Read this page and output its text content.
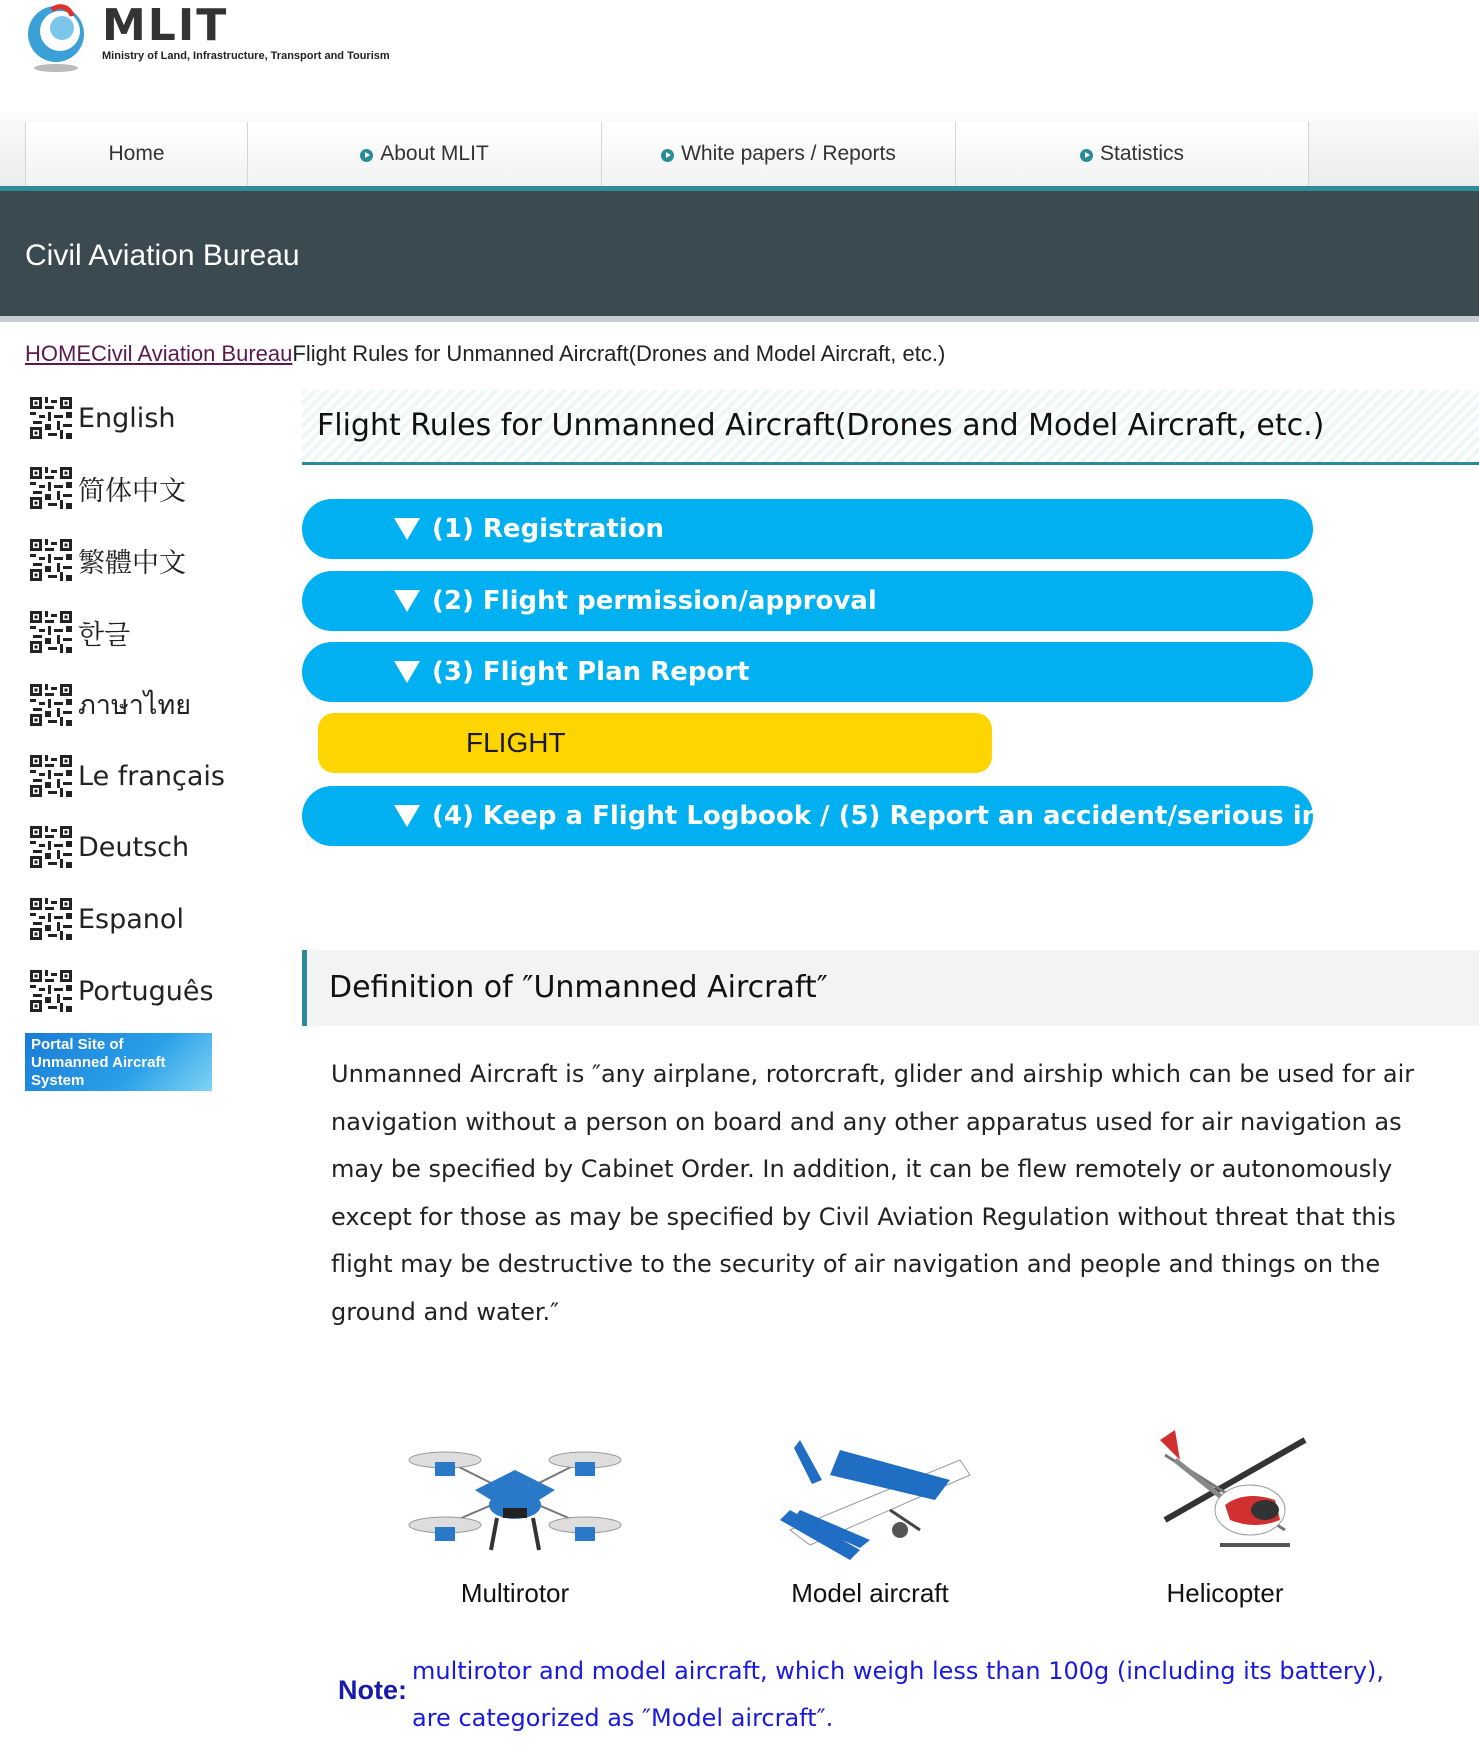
MLIT
Ministry of Land, Infrastructure, Transport and Tourism
Home	About MLIT	White papers / Reports	Statistics
Civil Aviation Bureau
HOMECivil Aviation BureauFlight Rules for Unmanned Aircraft(Drones and Model Aircraft, etc.)
English
简体中文
繁體中文
한글
ภาษาไทย
Le français
Deutsch
Espanol
Português
Portal Site of
Unmanned Aircraft
System
Flight Rules for Unmanned Aircraft(Drones and Model Aircraft, etc.)
(1) Registration
(2) Flight permission/approval
(3) Flight Plan Report
FLIGHT
(4) Keep a Flight Logbook / (5) Report an accident/serious incident
Definition of ″Unmanned Aircraft″
Unmanned Aircraft is ″any airplane, rotorcraft, glider and airship which can be used for air navigation without a person on board and any other apparatus used for air navigation as may be specified by Cabinet Order. In addition, it can be flew remotely or autonomously except for those as may be specified by Civil Aviation Regulation without threat that this flight may be destructive to the security of air navigation and people and things on the ground and water.″
Multirotor	Model aircraft	Helicopter
Note:
multirotor and model aircraft, which weigh less than 100g (including its battery), are categorized as ″Model aircraft″.
